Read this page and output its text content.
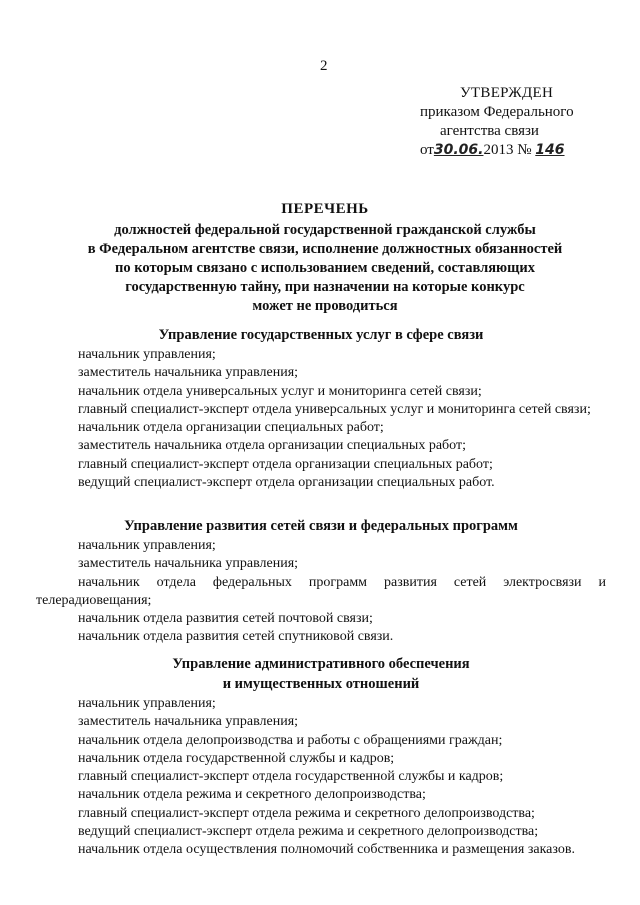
2
УТВЕРЖДЕН
приказом Федерального
агентства связи
от30.06.2013 № 146
ПЕРЕЧЕНЬ
должностей федеральной государственной гражданской службы
в Федеральном агентстве связи, исполнение должностных обязанностей
по которым связано с использованием сведений, составляющих
государственную тайну, при назначении на которые конкурс
может не проводиться
Управление государственных услуг в сфере связи
начальник управления;
заместитель начальника управления;
начальник отдела универсальных услуг и мониторинга сетей связи;
главный специалист-эксперт отдела универсальных услуг и мониторинга сетей связи;
начальник отдела организации специальных работ;
заместитель начальника отдела организации специальных работ;
главный специалист-эксперт отдела организации специальных работ;
ведущий специалист-эксперт отдела организации специальных работ.
Управление развития сетей связи и федеральных программ
начальник управления;
заместитель начальника управления;
начальник отдела федеральных программ развития сетей электросвязи и телерадиовещания;
начальник отдела развития сетей почтовой связи;
начальник отдела развития сетей спутниковой связи.
Управление административного обеспечения
и имущественных отношений
начальник управления;
заместитель начальника управления;
начальник отдела делопроизводства и работы с обращениями граждан;
начальник отдела государственной службы и кадров;
главный специалист-эксперт отдела государственной службы и кадров;
начальник отдела режима и секретного делопроизводства;
главный специалист-эксперт отдела режима и секретного делопроизводства;
ведущий специалист-эксперт отдела режима и секретного делопроизводства;
начальник отдела осуществления полномочий собственника и размещения заказов.
